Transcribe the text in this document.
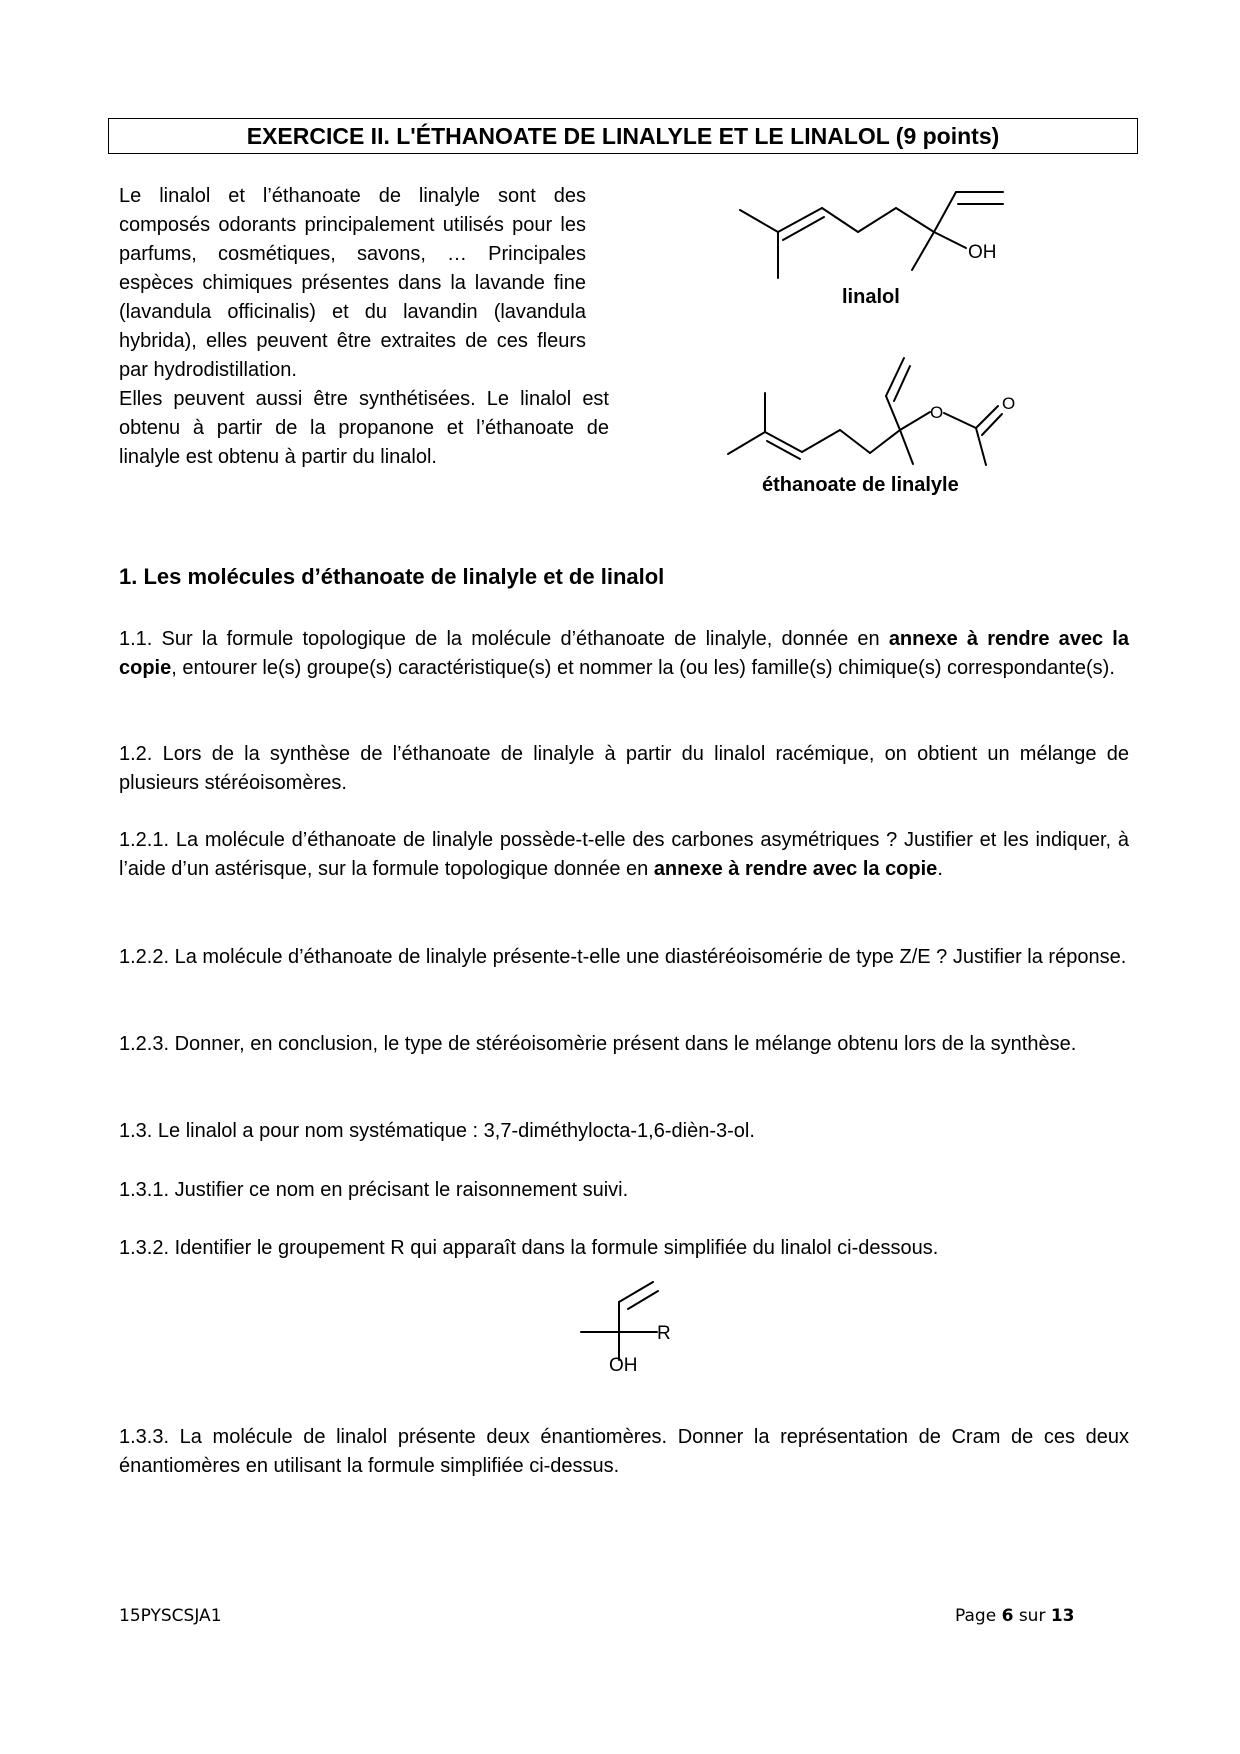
EXERCICE II. L'ÉTHANOATE DE LINALYLE ET LE LINALOL (9 points)

Le linalol et l’éthanoate de linalyle sont des composés odorants principalement utilisés pour les parfums, cosmétiques, savons, … Principales espèces chimiques présentes dans la lavande fine (lavandula officinalis) et du lavandin (lavandula hybrida), elles peuvent être extraites de ces fleurs par hydrodistillation.

Elles peuvent aussi être synthétisées. Le linalol est obtenu à partir de la propanone et l’éthanoate de linalyle est obtenu à partir du linalol.

OH
linalol
O	O
éthanoate de linalyle
1. Les molécules d’éthanoate de linalyle et de linalol

1.1. Sur la formule topologique de la molécule d’éthanoate de linalyle, donnée en annexe à rendre avec la copie, entourer le(s) groupe(s) caractéristique(s) et nommer la (ou les) famille(s) chimique(s) correspondante(s).

1.2. Lors de la synthèse de l’éthanoate de linalyle à partir du linalol racémique, on obtient un mélange de plusieurs stéréoisomères.

1.2.1. La molécule d’éthanoate de linalyle possède-t-elle des carbones asymétriques ? Justifier et les indiquer, à l’aide d’un astérisque, sur la formule topologique donnée en annexe à rendre avec la copie.

1.2.2. La molécule d’éthanoate de linalyle présente-t-elle une diastéréoisomérie de type Z/E ? Justifier la réponse.

1.2.3. Donner, en conclusion, le type de stéréoisomèrie présent dans le mélange obtenu lors de la synthèse.

1.3. Le linalol a pour nom systématique : 3,7-diméthylocta-1,6-dièn-3-ol.

1.3.1. Justifier ce nom en précisant le raisonnement suivi.

1.3.2. Identifier le groupement R qui apparaît dans la formule simplifiée du linalol ci-dessous.

R
OH

1.3.3. La molécule de linalol présente deux énantiomères. Donner la représentation de Cram de ces deux énantiomères en utilisant la formule simplifiée ci-dessus.

15PYSCSJA1	Page 6 sur 13
